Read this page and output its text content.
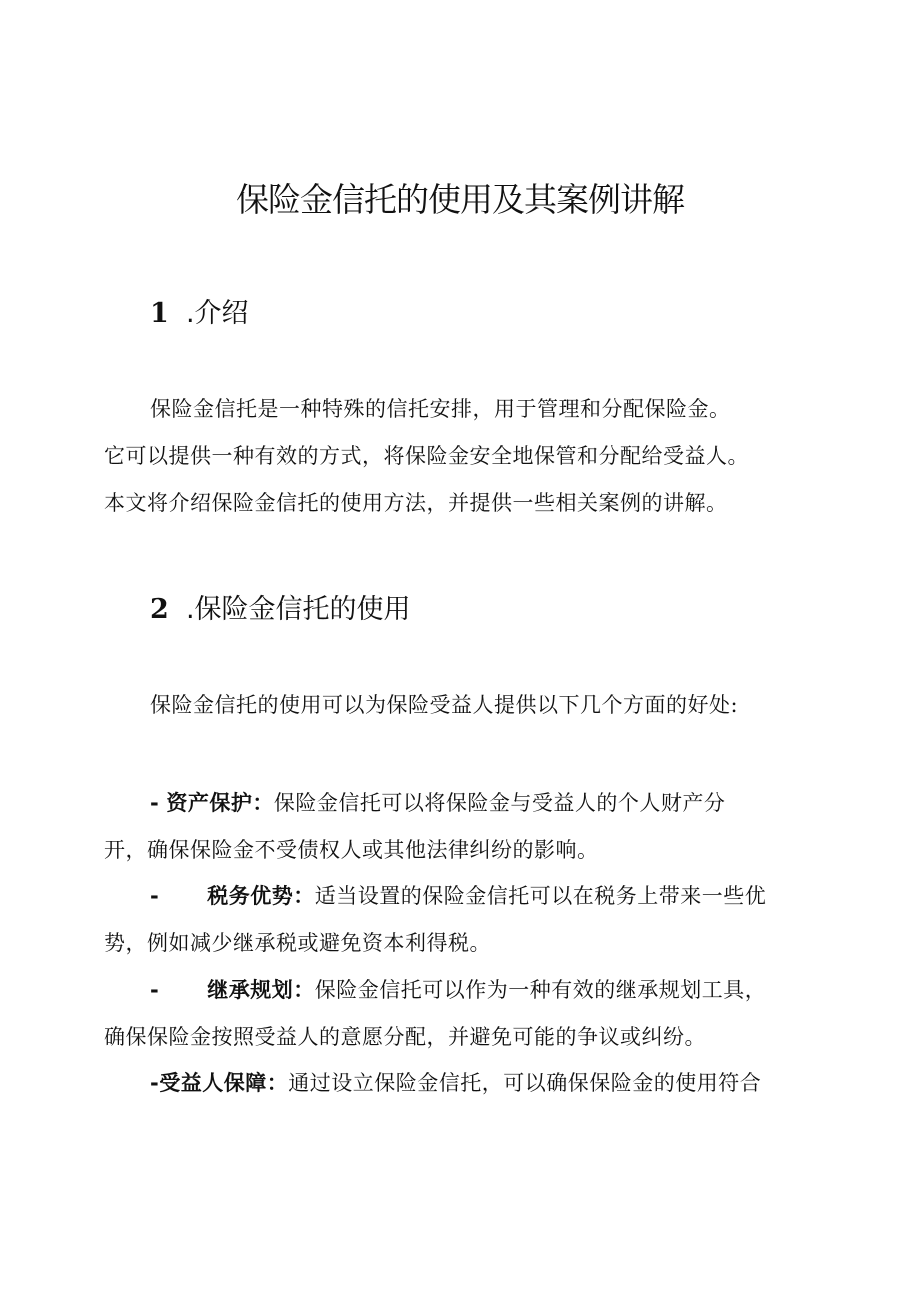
保险金信托的使用及其案例讲解
1 .介绍

保险金信托是一种特殊的信托安排，用于管理和分配保险金。

它可以提供一种有效的方式，将保险金安全地保管和分配给受益人。

本文将介绍保险金信托的使用方法，并提供一些相关案例的讲解。

2 .保险金信托的使用

保险金信托的使用可以为保险受益人提供以下几个方面的好处:

- 资产保护：保险金信托可以将保险金与受益人的个人财产分

开，确保保险金不受债权人或其他法律纠纷的影响。

- 税务优势：适当设置的保险金信托可以在税务上带来一些优

势，例如减少继承税或避免资本利得税。

- 继承规划：保险金信托可以作为一种有效的继承规划工具，

确保保险金按照受益人的意愿分配，并避免可能的争议或纠纷。

-受益人保障：通过设立保险金信托，可以确保保险金的使用符合
